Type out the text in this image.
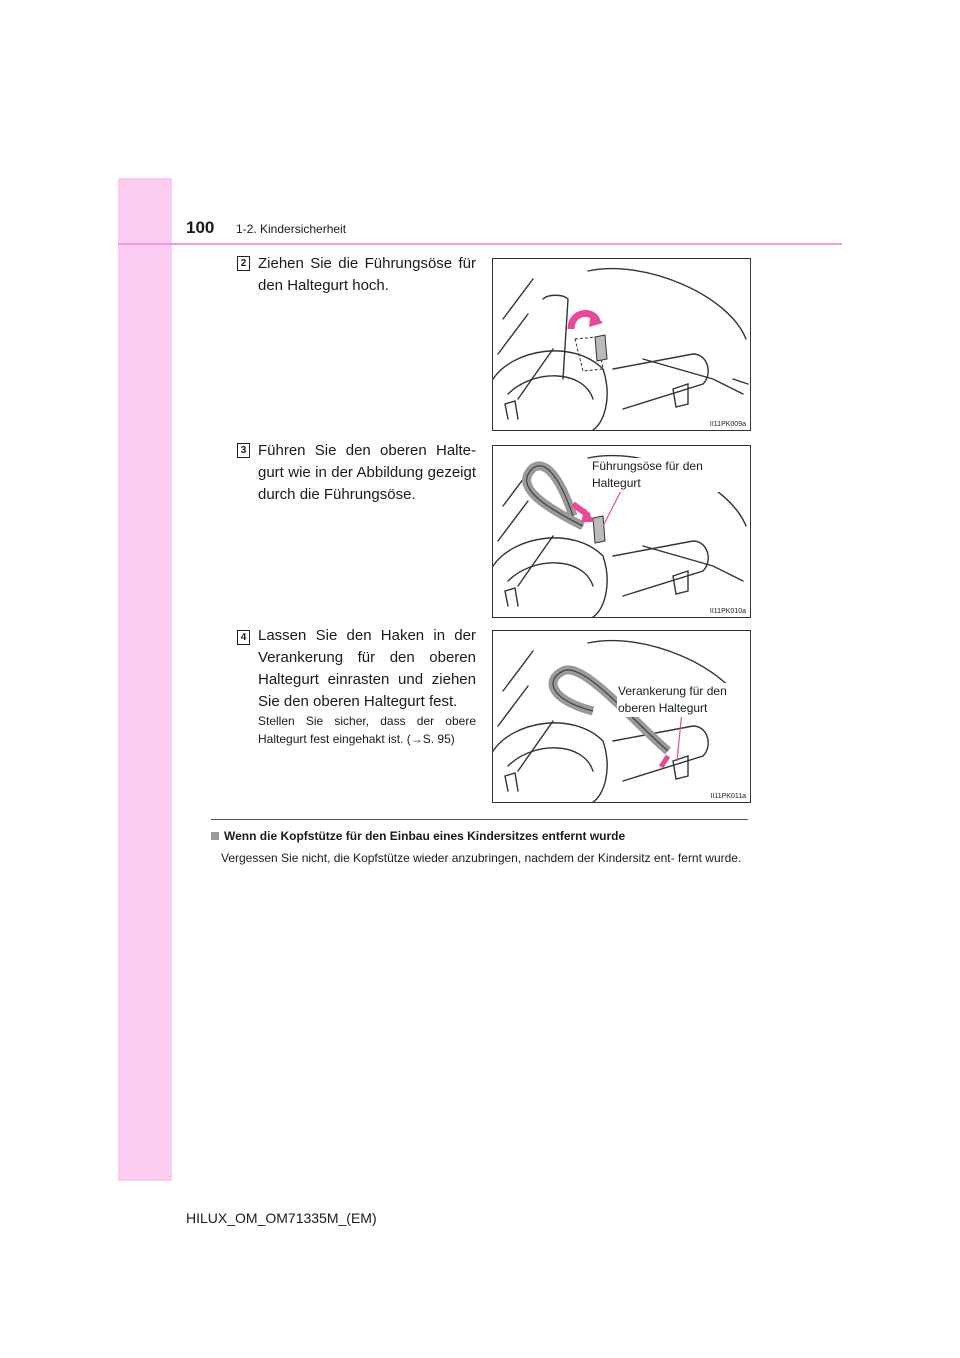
100 1-2. Kindersicherheit
2 Ziehen Sie die Führungsöse für den Haltegurt hoch.
II11PK009a
3 Führen Sie den oberen Halte- gurt wie in der Abbildung gezeigt durch die Führungsöse.
Führungsöse für den Haltegurt
II11PK010a
4 Lassen Sie den Haken in der Verankerung für den oberen Haltegurt einrasten und ziehen Sie den oberen Haltegurt fest.
Stellen Sie sicher, dass der obere Haltegurt fest eingehakt ist. (→S. 95)
Verankerung für den oberen Haltegurt
II11PK011a
Wenn die Kopfstütze für den Einbau eines Kindersitzes entfernt wurde
Vergessen Sie nicht, die Kopfstütze wieder anzubringen, nachdem der Kindersitz ent- fernt wurde.
HILUX_OM_OM71335M_(EM)
